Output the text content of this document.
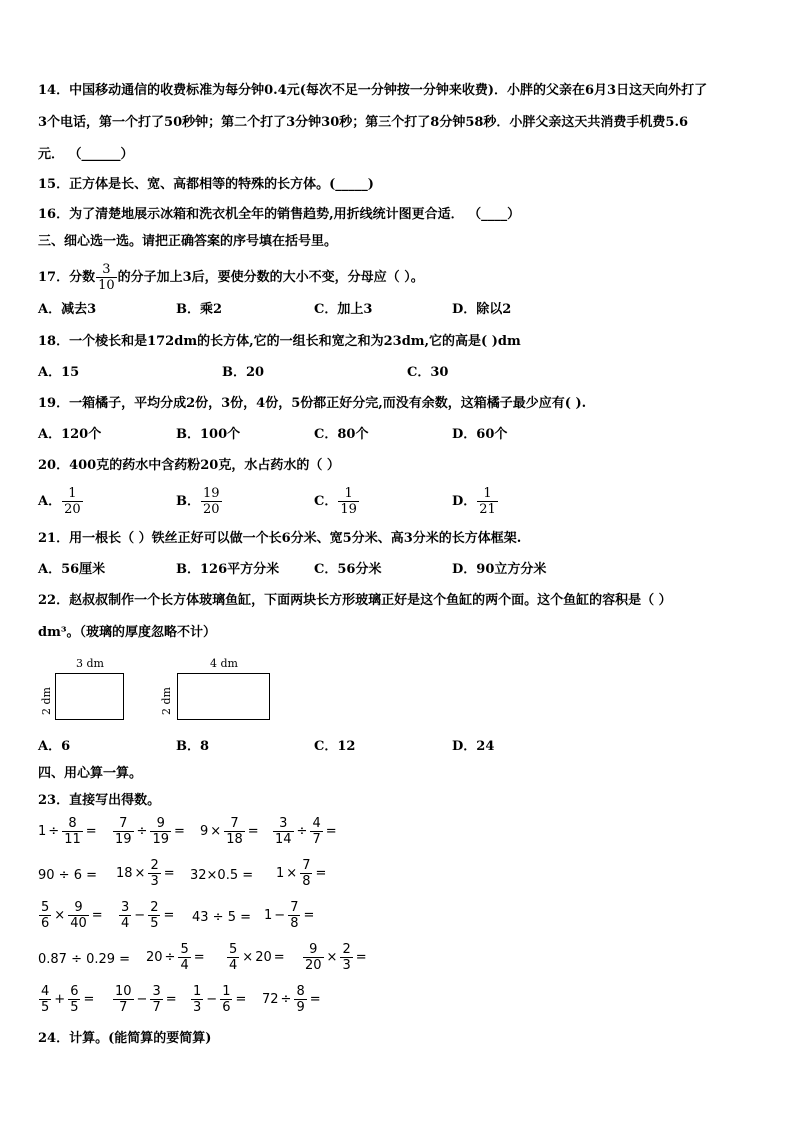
14．中国移动通信的收费标准为每分钟0.4元(每次不足一分钟按一分钟来收费)．小胖的父亲在6月3日这天向外打了
3个电话，第一个打了50秒钟；第二个打了3分钟30秒；第三个打了8分钟58秒．小胖父亲这天共消费手机费5.6
元． （______）
15．正方体是长、宽、高都相等的特殊的长方体。(_____)
16．为了清楚地展示冰箱和洗衣机全年的销售趋势,用折线统计图更合适． （____）
三、细心选一选。请把正确答案的序号填在括号里。
17．分数 $\frac{3}{10}$ 的分子加上3后，要使分数的大小不变，分母应（ ）。
A．减去3	B．乘2	C．加上3	D．除以2
18．一个棱长和是172dm的长方体,它的一组长和宽之和为23dm,它的高是( )dm
A．15	B．20	C．30
19．一箱橘子，平均分成2份，3份，4份，5份都正好分完,而没有余数，这箱橘子最少应有( ).
A．120个	B．100个	C．80个	D．60个
20．400克的药水中含药粉20克，水占药水的（ ）
A． $\frac{1}{20}$	B． $\frac{19}{20}$	C． $\frac{1}{19}$	D． $\frac{1}{21}$
21．用一根长（ ）铁丝正好可以做一个长6分米、宽5分米、高3分米的长方体框架.
A．56厘米	B．126平方分米	C．56分米	D．90立方分米
22．赵叔叔制作一个长方体玻璃鱼缸，下面两块长方形玻璃正好是这个鱼缸的两个面。这个鱼缸的容积是（ ）
dm³。（玻璃的厚度忽略不计）
3 dm
2 dm
4 dm
2 dm
A．6	B．8	C．12	D．24
四、用心算一算。
23．直接写出得数。
$1 \div \frac{8}{11} = \frac{7}{19} \div \frac{9}{19} = 9 \times \frac{7}{18} = \frac{3}{14} \div \frac{4}{7}$ =
$90 \div 6 = 18 \times \frac{2}{3} = 32\times 0.5 = 1 \times \frac{7}{8}$ =
$\frac{5}{6} \times \frac{9}{40} = \frac{3}{4} - \frac{2}{5} = 43 \div 5 = 1 - \frac{7}{8}$ =
$0.87 \div 0.29 = 20 \div \frac{5}{4} = \frac{5}{4} \times 20 = \frac{9}{20} \times \frac{2}{3}$ =
$\frac{4}{5} + \frac{6}{5} = \frac{10}{7} - \frac{3}{7} = \frac{1}{3} - \frac{1}{6} = 72 \div \frac{8}{9}$ =
24．计算。(能简算的要简算)
